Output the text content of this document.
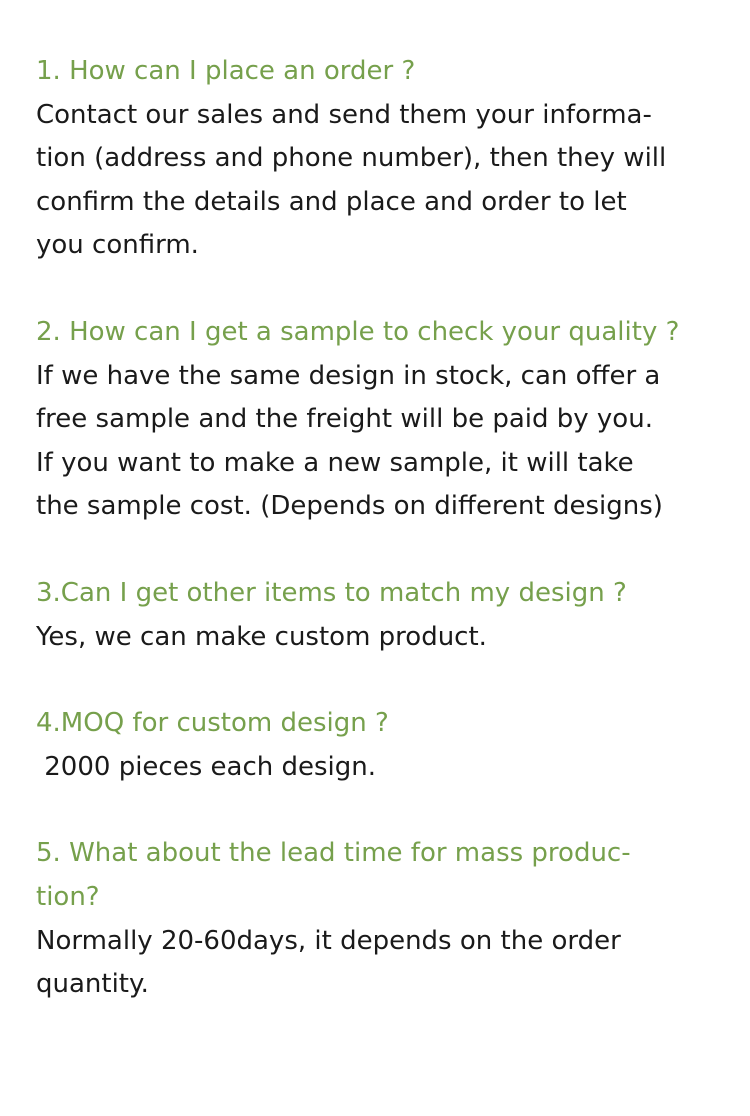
1. How can I place an order ?
Contact our sales and send them your informa-
tion (address and phone number), then they will
confirm the details and place and order to let
you confirm.
2. How can I get a sample to check your quality ?
If we have the same design in stock, can offer a
free sample and the freight will be paid by you.
If you want to make a new sample, it will take
the sample cost. (Depends on different designs)
3.Can I get other items to match my design ?
Yes, we can make custom product.
4.MOQ for custom design ?
2000 pieces each design.
5. What about the lead time for mass produc-
tion?
Normally 20-60days, it depends on the order
quantity.
